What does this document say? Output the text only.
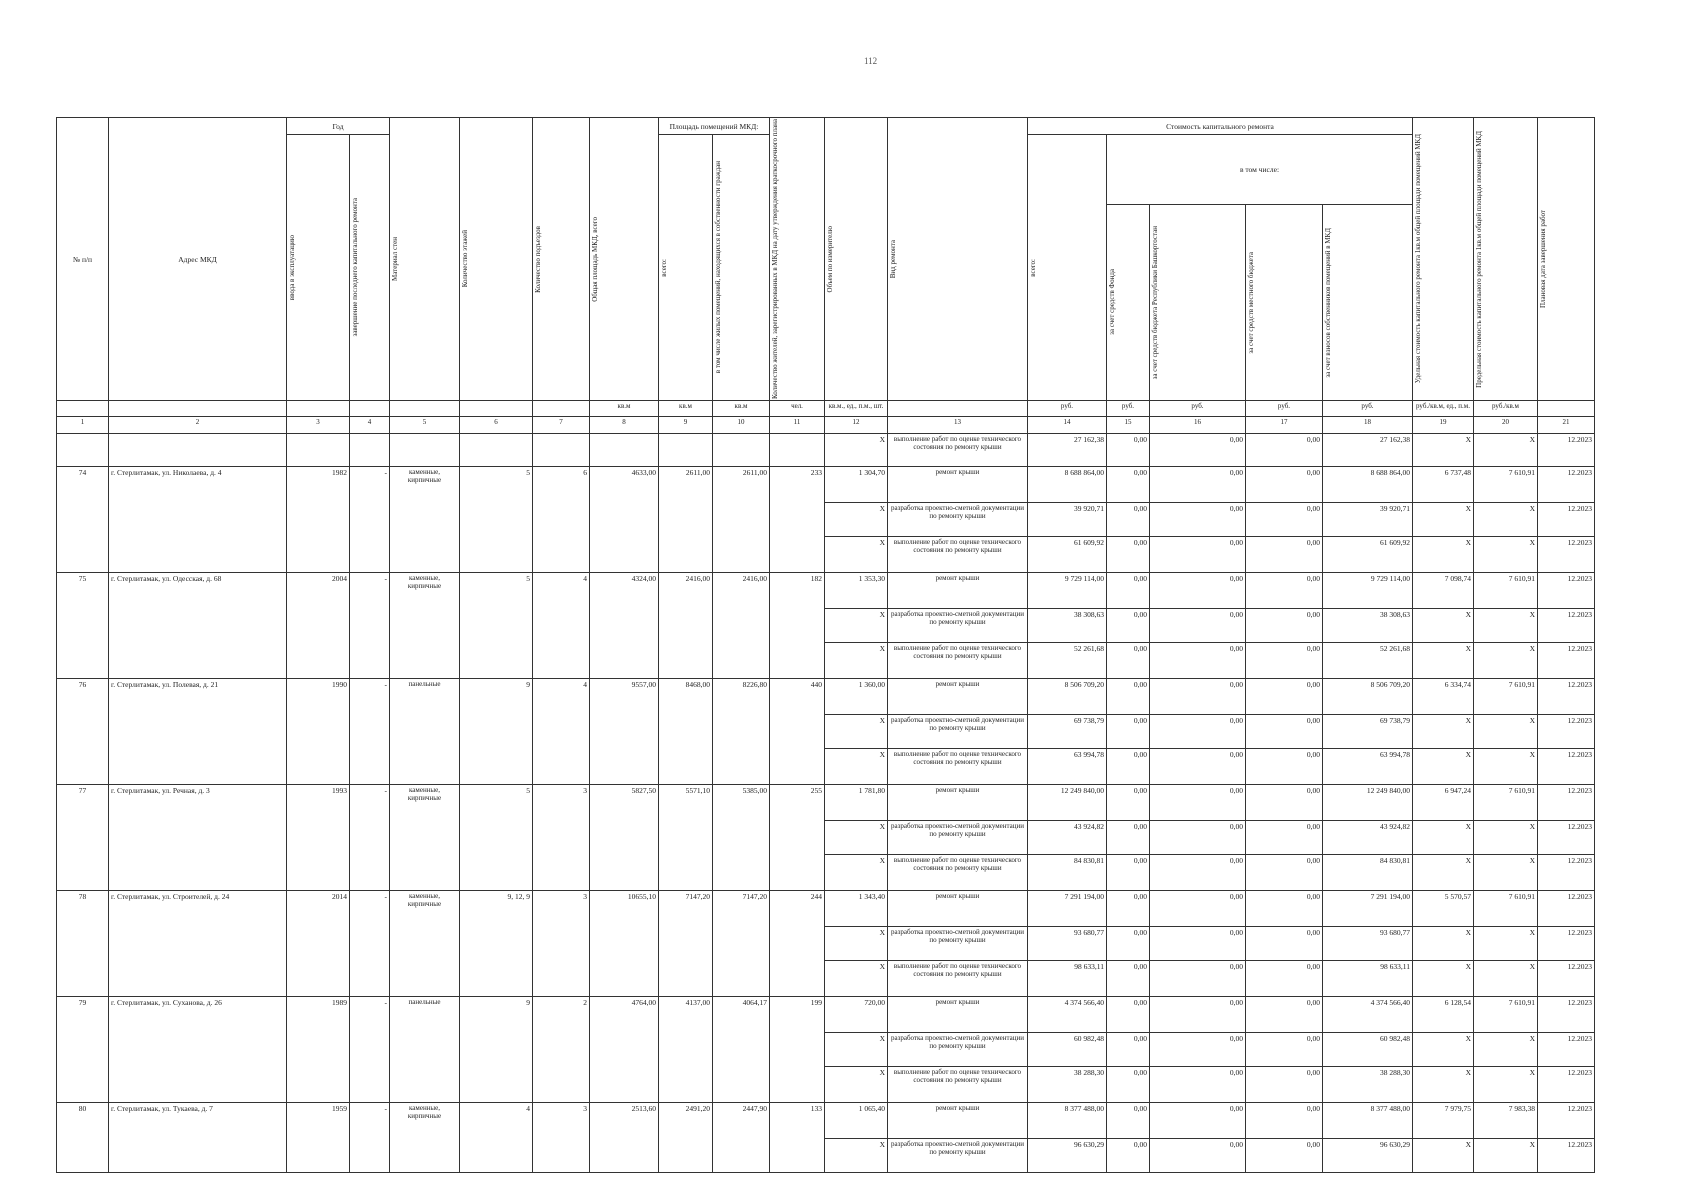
112
№ п/п	Адрес МКД	Год		Материал стен	Количество этажей	Количество подъездов	Общая площадь МКД, всего	Площадь помещений МКД:		Количество жителей, зарегистрированных в МКД на дату утверждения краткосрочного плана	Объем по измерителю	Вид ремонта	Стоимость капитального ремонта					Удельная стоимость капитального ремонта 1кв.м общей площади помещений МКД	Предельная стоимость капитального ремонта 1кв.м общей площади помещений МКД	Плановая дата завершения работ

		ввода в эксплуатацию	завершение последнего капитального ремонта					всего:	в том числе жилых помещений, находящихся в собственности граждан				всего:	в том числе:						

														за счет средств Фонда	за счет средств бюджета Республики Башкортостан	за счет средств местного бюджета	за счет взносов собственников помещений в МКД			

							кв.м	кв.м	кв.м	чел.	кв.м., ед., п.м., шт.		руб.	руб.	руб.	руб.	руб.	руб./кв.м, ед., п.м.	руб./кв.м	
1	2	3	4	5	6	7	8	9	10	11	12	13	14	15	16	17	18	19	20	21
											X	выполнение работ по оценке технического состояния по ремонту крыши	27 162,38	0,00	0,00	0,00	27 162,38	X	X	12.2023
74	г. Стерлитамак, ул. Николаева, д. 4	1982	-	каменные, кирпичные	5	6	4633,00	2611,00	2611,00	233	1 304,70	ремонт крыши	8 688 864,00	0,00	0,00	0,00	8 688 864,00	6 737,48	7 610,91	12.2023
											X	разработка проектно-сметной документации по ремонту крыши	39 920,71	0,00	0,00	0,00	39 920,71	X	X	12.2023
											X	выполнение работ по оценке технического состояния по ремонту крыши	61 609,92	0,00	0,00	0,00	61 609,92	X	X	12.2023
75	г. Стерлитамак, ул. Одесская, д. 68	2004	-	каменные, кирпичные	5	4	4324,00	2416,00	2416,00	182	1 353,30	ремонт крыши	9 729 114,00	0,00	0,00	0,00	9 729 114,00	7 098,74	7 610,91	12.2023
											X	разработка проектно-сметной документации по ремонту крыши	38 308,63	0,00	0,00	0,00	38 308,63	X	X	12.2023
											X	выполнение работ по оценке технического состояния по ремонту крыши	52 261,68	0,00	0,00	0,00	52 261,68	X	X	12.2023
76	г. Стерлитамак, ул. Полевая, д. 21	1990	-	панельные	9	4	9557,00	8468,00	8226,80	440	1 360,00	ремонт крыши	8 506 709,20	0,00	0,00	0,00	8 506 709,20	6 334,74	7 610,91	12.2023
											X	разработка проектно-сметной документации по ремонту крыши	69 738,79	0,00	0,00	0,00	69 738,79	X	X	12.2023
											X	выполнение работ по оценке технического состояния по ремонту крыши	63 994,78	0,00	0,00	0,00	63 994,78	X	X	12.2023
77	г. Стерлитамак, ул. Речная, д. 3	1993	-	каменные, кирпичные	5	3	5827,50	5571,10	5385,00	255	1 781,80	ремонт крыши	12 249 840,00	0,00	0,00	0,00	12 249 840,00	6 947,24	7 610,91	12.2023
											X	разработка проектно-сметной документации по ремонту крыши	43 924,82	0,00	0,00	0,00	43 924,82	X	X	12.2023
											X	выполнение работ по оценке технического состояния по ремонту крыши	84 830,81	0,00	0,00	0,00	84 830,81	X	X	12.2023
78	г. Стерлитамак, ул. Строителей, д. 24	2014	-	каменные, кирпичные	9, 12, 9	3	10655,10	7147,20	7147,20	244	1 343,40	ремонт крыши	7 291 194,00	0,00	0,00	0,00	7 291 194,00	5 570,57	7 610,91	12.2023
											X	разработка проектно-сметной документации по ремонту крыши	93 680,77	0,00	0,00	0,00	93 680,77	X	X	12.2023
											X	выполнение работ по оценке технического состояния по ремонту крыши	98 633,11	0,00	0,00	0,00	98 633,11	X	X	12.2023
79	г. Стерлитамак, ул. Суханова, д. 26	1989	-	панельные	9	2	4764,00	4137,00	4064,17	199	720,00	ремонт крыши	4 374 566,40	0,00	0,00	0,00	4 374 566,40	6 128,54	7 610,91	12.2023
											X	разработка проектно-сметной документации по ремонту крыши	60 982,48	0,00	0,00	0,00	60 982,48	X	X	12.2023
											X	выполнение работ по оценке технического состояния по ремонту крыши	38 288,30	0,00	0,00	0,00	38 288,30	X	X	12.2023
80	г. Стерлитамак, ул. Тукаева, д. 7	1959	-	каменные, кирпичные	4	3	2513,60	2491,20	2447,90	133	1 065,40	ремонт крыши	8 377 488,00	0,00	0,00	0,00	8 377 488,00	7 979,75	7 983,38	12.2023
											X	разработка проектно-сметной документации по ремонту крыши	96 630,29	0,00	0,00	0,00	96 630,29	X	X	12.2023
